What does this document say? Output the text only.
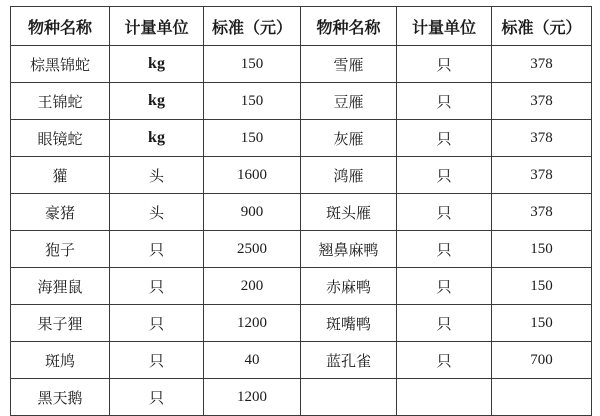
物种名称	计量单位	标准（元）	物种名称	计量单位	标准（元）
棕黑锦蛇	kg	150	雪雁	只	378
王锦蛇	kg	150	豆雁	只	378
眼镜蛇	kg	150	灰雁	只	378
獾	头	1600	鸿雁	只	378
豪猪	头	900	斑头雁	只	378
狍子	只	2500	翘鼻麻鸭	只	150
海狸鼠	只	200	赤麻鸭	只	150
果子狸	只	1200	斑嘴鸭	只	150
斑鸠	只	40	蓝孔雀	只	700
黑天鹅	只	1200			
